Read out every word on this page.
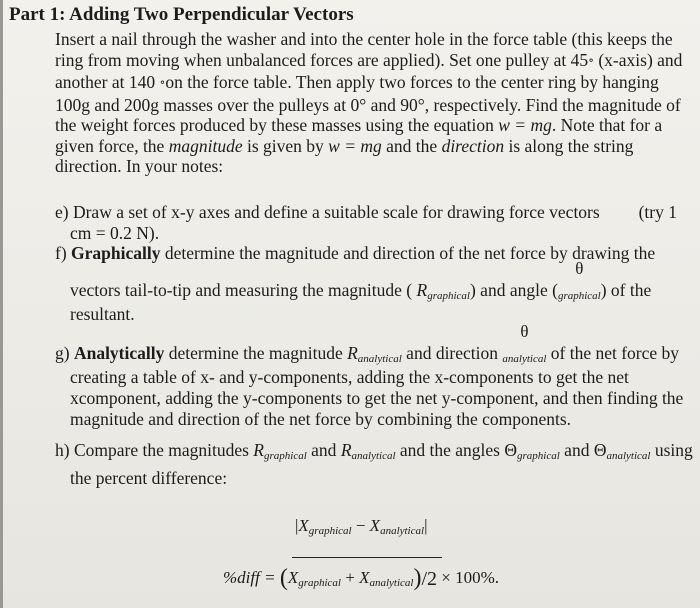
Part 1: Adding Two Perpendicular Vectors
Insert a nail through the washer and into the center hole in the force table (this keeps the
ring from moving when unbalanced forces are applied). Set one pulley at 45∘ (x-axis) and
another at 140 ∘on the force table. Then apply two forces to the center ring by hanging
100g and 200g masses over the pulleys at 0° and 90°, respectively. Find the magnitude of
the weight forces produced by these masses using the equation w = mg. Note that for a
given force, the magnitude is given by w = mg and the direction is along the string
direction. In your notes:
e) Draw a set of x-y axes and define a suitable scale for drawing force vectors (try 1
cm = 0.2 N).
f) Graphically determine the magnitude and direction of the net force by drawing the
vectors tail-to-tip and measuring the magnitude ( Rgraphical) and angle (
θ
graphical) of the
resultant.
g) Analytically determine the magnitude Ranalytical and direction
θ
analytical of the net force by
creating a table of x- and y-components, adding the x-components to get the net
xcomponent, adding the y-components to get the net y-component, and then finding the
magnitude and direction of the net force by combining the components.
h) Compare the magnitudes Rgraphical and Ranalytical and the angles Θgraphical and Θanalytical using
the percent difference:
|Xgraphical − Xanalytical|
%diff = (Xgraphical + Xanalytical)/2 × 100%.
